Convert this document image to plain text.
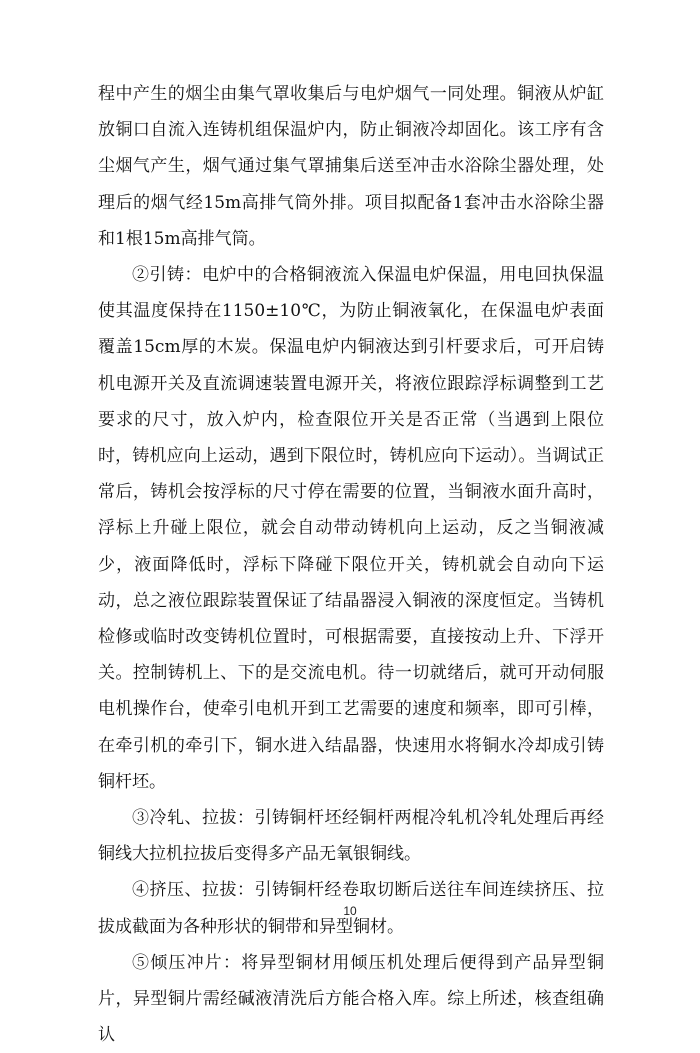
程中产生的烟尘由集气罩收集后与电炉烟气一同处理。铜液从炉缸放铜口自流入连铸机组保温炉内，防止铜液冷却固化。该工序有含尘烟气产生，烟气通过集气罩捕集后送至冲击水浴除尘器处理，处理后的烟气经15m高排气筒外排。项目拟配备1套冲击水浴除尘器和1根15m高排气筒。

②引铸：电炉中的合格铜液流入保温电炉保温，用电回执保温使其温度保持在1150±10℃，为防止铜液氧化，在保温电炉表面覆盖15cm厚的木炭。保温电炉内铜液达到引杆要求后，可开启铸机电源开关及直流调速装置电源开关，将液位跟踪浮标调整到工艺要求的尺寸，放入炉内，检查限位开关是否正常（当遇到上限位时，铸机应向上运动，遇到下限位时，铸机应向下运动）。当调试正常后，铸机会按浮标的尺寸停在需要的位置，当铜液水面升高时，浮标上升碰上限位，就会自动带动铸机向上运动，反之当铜液减少，液面降低时，浮标下降碰下限位开关，铸机就会自动向下运动，总之液位跟踪装置保证了结晶器浸入铜液的深度恒定。当铸机检修或临时改变铸机位置时，可根据需要，直接按动上升、下浮开关。控制铸机上、下的是交流电机。待一切就绪后，就可开动伺服电机操作台，使牵引电机开到工艺需要的速度和频率，即可引棒，在牵引机的牵引下，铜水进入结晶器，快速用水将铜水冷却成引铸铜杆坯。

③冷轧、拉拔：引铸铜杆坯经铜杆两棍冷轧机冷轧处理后再经铜线大拉机拉拔后变得多产品无氧银铜线。

④挤压、拉拔：引铸铜杆经卷取切断后送往车间连续挤压、拉拔成截面为各种形状的铜带和异型铜材。

⑤倾压冲片：将异型铜材用倾压机处理后便得到产品异型铜片，异型铜片需经碱液清洗后方能合格入库。综上所述，核查组确认

10
